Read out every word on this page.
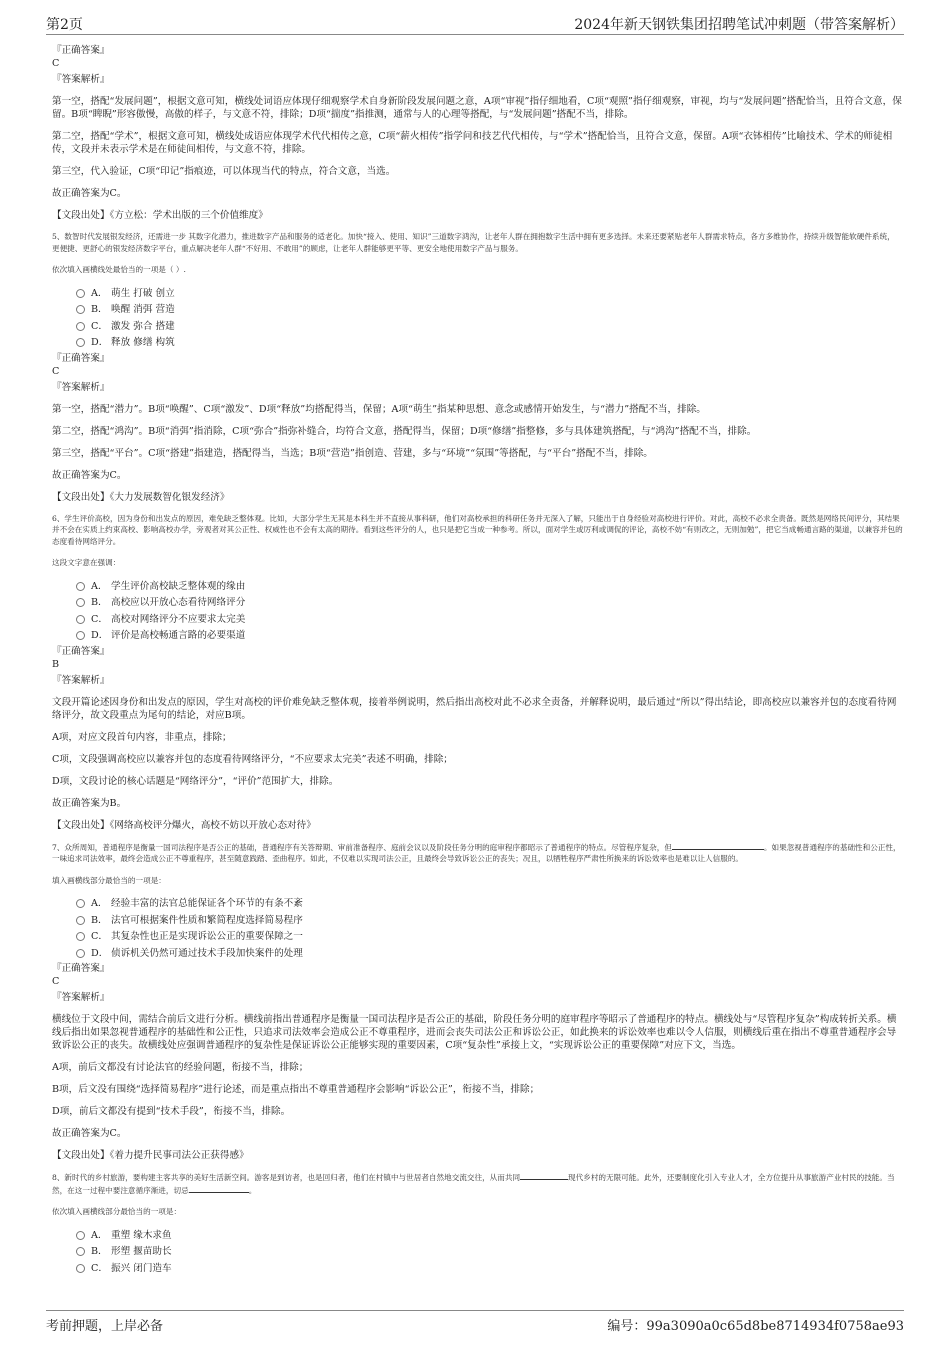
第2页	2024年新天钢铁集团招聘笔试冲刺题（带答案解析）

『正确答案』

C

『答案解析』

第一空，搭配“发展问题”，根据文意可知，横线处词语应体现仔细观察学术自身新阶段发展问题之意，A项“审视”指仔细地看，C项“观照”指仔细观察，审视，均与“发展问题”搭配恰当，且符合文意，保留。B项“睥睨”形容傲慢，高傲的样子，与文意不符，排除；D项“揣度”指推测，通常与人的心理等搭配，与“发展问题”搭配不当，排除。

第二空，搭配“学术”，根据文意可知，横线处成语应体现学术代代相传之意，C项“薪火相传”指学问和技艺代代相传，与“学术”搭配恰当，且符合文意，保留。A项“衣钵相传”比喻技术、学术的师徒相传，文段并未表示学术是在师徒间相传，与文意不符，排除。

第三空，代入验证，C项“印记”指痕迹，可以体现当代的特点，符合文意，当选。

故正确答案为C。

【文段出处】《方立松：学术出版的三个价值维度》

5、数智时代发展银发经济，还需进一步 其数字化潜力，推进数字产品和服务的适老化。加快“接入、使用、知识”三道数字鸿沟，让老年人群在拥抱数字生活中拥有更多选择。未来还要紧贴老年人群需求特点，各方多维协作，持续升级智能软硬件系统， 更便捷、更舒心的银发经济数字平台，重点解决老年人群“不好用、不敢用”的顾虑，让老年人群能够更平等、更安全地使用数字产品与服务。

依次填入画横线处最恰当的一项是（ ）.

A． 萌生 打破 创立
B． 唤醒 消弭 营造
C． 激发 弥合 搭建
D． 释放 修缮 构筑

『正确答案』

C

『答案解析』

第一空，搭配“潜力”。B项“唤醒”、C项“激发”、D项“释放”均搭配得当，保留；A项“萌生”指某种思想、意念或感情开始发生，与“潜力”搭配不当，排除。

第二空，搭配“鸿沟”。B项“消弭”指消除，C项“弥合”指弥补缝合，均符合文意，搭配得当，保留；D项“修缮”指整修，多与具体建筑搭配，与“鸿沟”搭配不当，排除。

第三空，搭配“平台”。C项“搭建”指建造，搭配得当，当选；B项“营造”指创造、营建，多与“环境”“氛围”等搭配，与“平台”搭配不当，排除。

故正确答案为C。

【文段出处】《大力发展数智化银发经济》

6、学生评价高校，因为身份和出发点的原因，难免缺乏整体观。比如，大部分学生无其是本科生并不直接从事科研，他们对高校承担的科研任务并无深入了解，只能出于自身经验对高校进行评价。对此，高校不必求全责备。既然是网络民间评分，其结果并不会在实质上约束高校、影响高校办学，旁观者对其公正性、权威性也不会有太高的期待。看到这些评分的人，也只是把它当成一种参考。所以，面对学生或厉利或调侃的评论，高校不妨“有则改之，无则加勉”，把它当成畅通言路的渠道，以兼容并包的态度看待网络评分。

这段文字意在强调：

A． 学生评价高校缺乏整体观的缘由
B． 高校应以开放心态看待网络评分
C． 高校对网络评分不应要求太完美
D． 评价是高校畅通言路的必要渠道

『正确答案』

B

『答案解析』

文段开篇论述因身份和出发点的原因，学生对高校的评价难免缺乏整体观，接着举例说明，然后指出高校对此不必求全责备，并解释说明，最后通过“所以”得出结论，即高校应以兼容并包的态度看待网络评分，故文段重点为尾句的结论，对应B项。

A项，对应文段首句内容，非重点，排除；

C项，文段强调高校应以兼容并包的态度看待网络评分，“不应要求太完美”表述不明确，排除；

D项，文段讨论的核心话题是“网络评分”，“评价”范围扩大，排除。

故正确答案为B。

【文段出处】《网络高校评分爆火，高校不妨以开放心态对待》

7、众所周知，普通程序是衡量一国司法程序是否公正的基础，普通程序有关答辩期、审前准备程序、庭前会议以及阶段任务分明的庭审程序都昭示了普通程序的特点。尽管程序复杂，但	。如果忽视普通程序的基础性和公正性，一味追求司法效率，最终会造成公正不尊重程序，甚至随意践踏、歪曲程序。如此，不仅难以实现司法公正，且最终会导致诉讼公正的丧失；况且，以牺牲程序严肃性所换来的诉讼效率也是难以让人信服的。

填入画横线部分最恰当的一项是：

A． 经验丰富的法官总能保证各个环节的有条不紊
B． 法官可根据案件性质和繁简程度选择简易程序
C． 其复杂性也正是实现诉讼公正的重要保障之一
D． 侦诉机关仍然可通过技术手段加快案件的处理

『正确答案』

C

『答案解析』

横线位于文段中间，需结合前后文进行分析。横线前指出普通程序是衡量一国司法程序是否公正的基础，阶段任务分明的庭审程序等昭示了普通程序的特点。横线处与“尽管程序复杂”构成转折关系。横线后指出如果忽视普通程序的基础性和公正性，只追求司法效率会造成公正不尊重程序，进而会丧失司法公正和诉讼公正，如此换来的诉讼效率也难以令人信服，则横线后重在指出不尊重普通程序会导致诉讼公正的丧失。故横线处应强调普通程序的复杂性是保证诉讼公正能够实现的重要因素，C项“复杂性”承接上文，“实现诉讼公正的重要保障”对应下文，当选。

A项，前后文都没有讨论法官的经验问题，衔接不当，排除；

B项，后文没有围绕“选择简易程序”进行论述，而是重点指出不尊重普通程序会影响“诉讼公正”，衔接不当，排除；

D项，前后文都没有提到“技术手段”，衔接不当，排除。

故正确答案为C。

【文段出处】《着力提升民事司法公正获得感》

8、新时代的乡村旅游，要构建主客共享的美好生活新空间。游客是到访者，也是回归者，他们在村镇中与世居者自然地交流交往，从而共同	现代乡村的无限可能。此外，还要制度化引入专业人才，全方位提升从事旅游产业村民的技能。当然，在这一过程中要注意循序渐进，切忌	。

依次填入画横线部分最恰当的一项是：

A． 重塑 缘木求鱼
B． 形塑 揠苗助长
C． 振兴 闭门造车
考前押题，上岸必备	编号：99a3090a0c65d8be8714934f0758ae93
